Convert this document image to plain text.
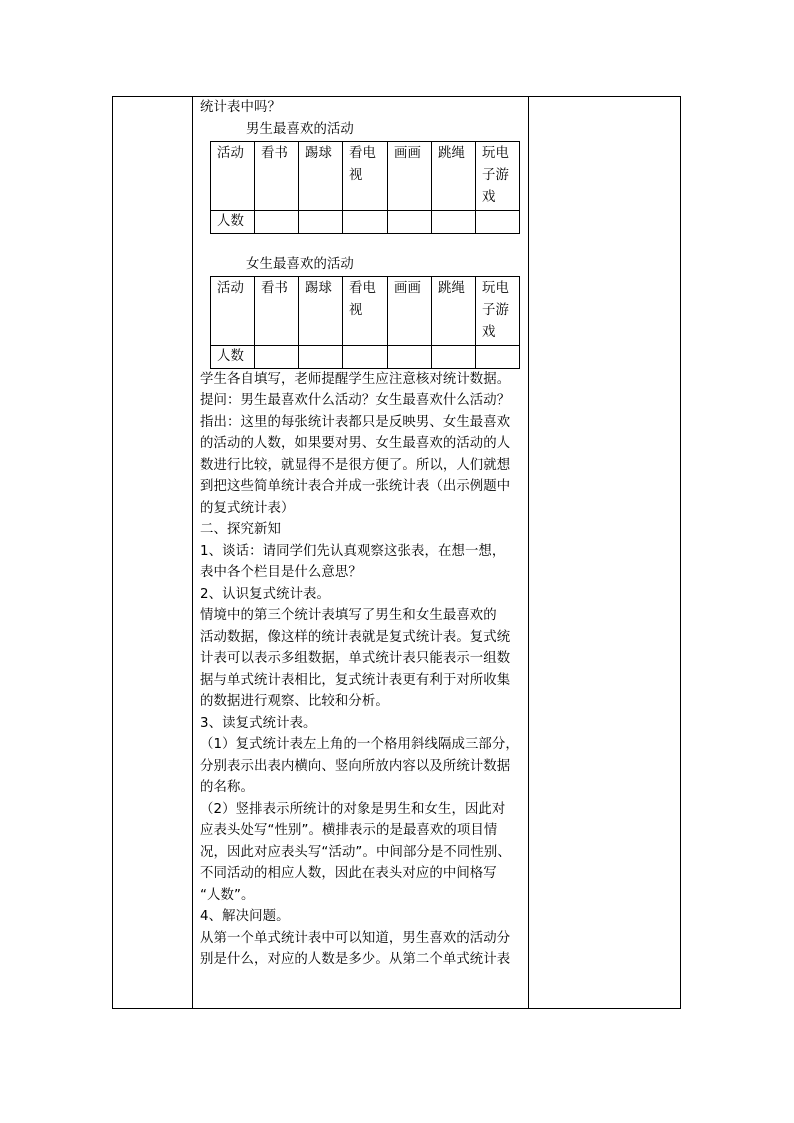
统计表中吗？

男生最喜欢的活动

活动	看书	踢球	看电视	画画	跳绳	玩电子游戏
人数						

女生最喜欢的活动

活动	看书	踢球	看电视	画画	跳绳	玩电子游戏
人数						

学生各自填写，老师提醒学生应注意核对统计数据。

提问：男生最喜欢什么活动？女生最喜欢什么活动？

指出：这里的每张统计表都只是反映男、女生最喜欢

的活动的人数，如果要对男、女生最喜欢的活动的人

数进行比较，就显得不是很方便了。所以，人们就想

到把这些简单统计表合并成一张统计表（出示例题中

的复式统计表）

二、探究新知

1、谈话：请同学们先认真观察这张表，在想一想，

表中各个栏目是什么意思？

2、认识复式统计表。

情境中的第三个统计表填写了男生和女生最喜欢的

活动数据，像这样的统计表就是复式统计表。复式统

计表可以表示多组数据，单式统计表只能表示一组数

据与单式统计表相比，复式统计表更有利于对所收集

的数据进行观察、比较和分析。

3、读复式统计表。

（1）复式统计表左上角的一个格用斜线隔成三部分，

分别表示出表内横向、竖向所放内容以及所统计数据

的名称。

（2）竖排表示所统计的对象是男生和女生，因此对

应表头处写“性别”。横排表示的是最喜欢的项目情

况，因此对应表头写“活动”。中间部分是不同性别、

不同活动的相应人数，因此在表头对应的中间格写

“人数”。

4、解决问题。

从第一个单式统计表中可以知道，男生喜欢的活动分

别是什么，对应的人数是多少。从第二个单式统计表
